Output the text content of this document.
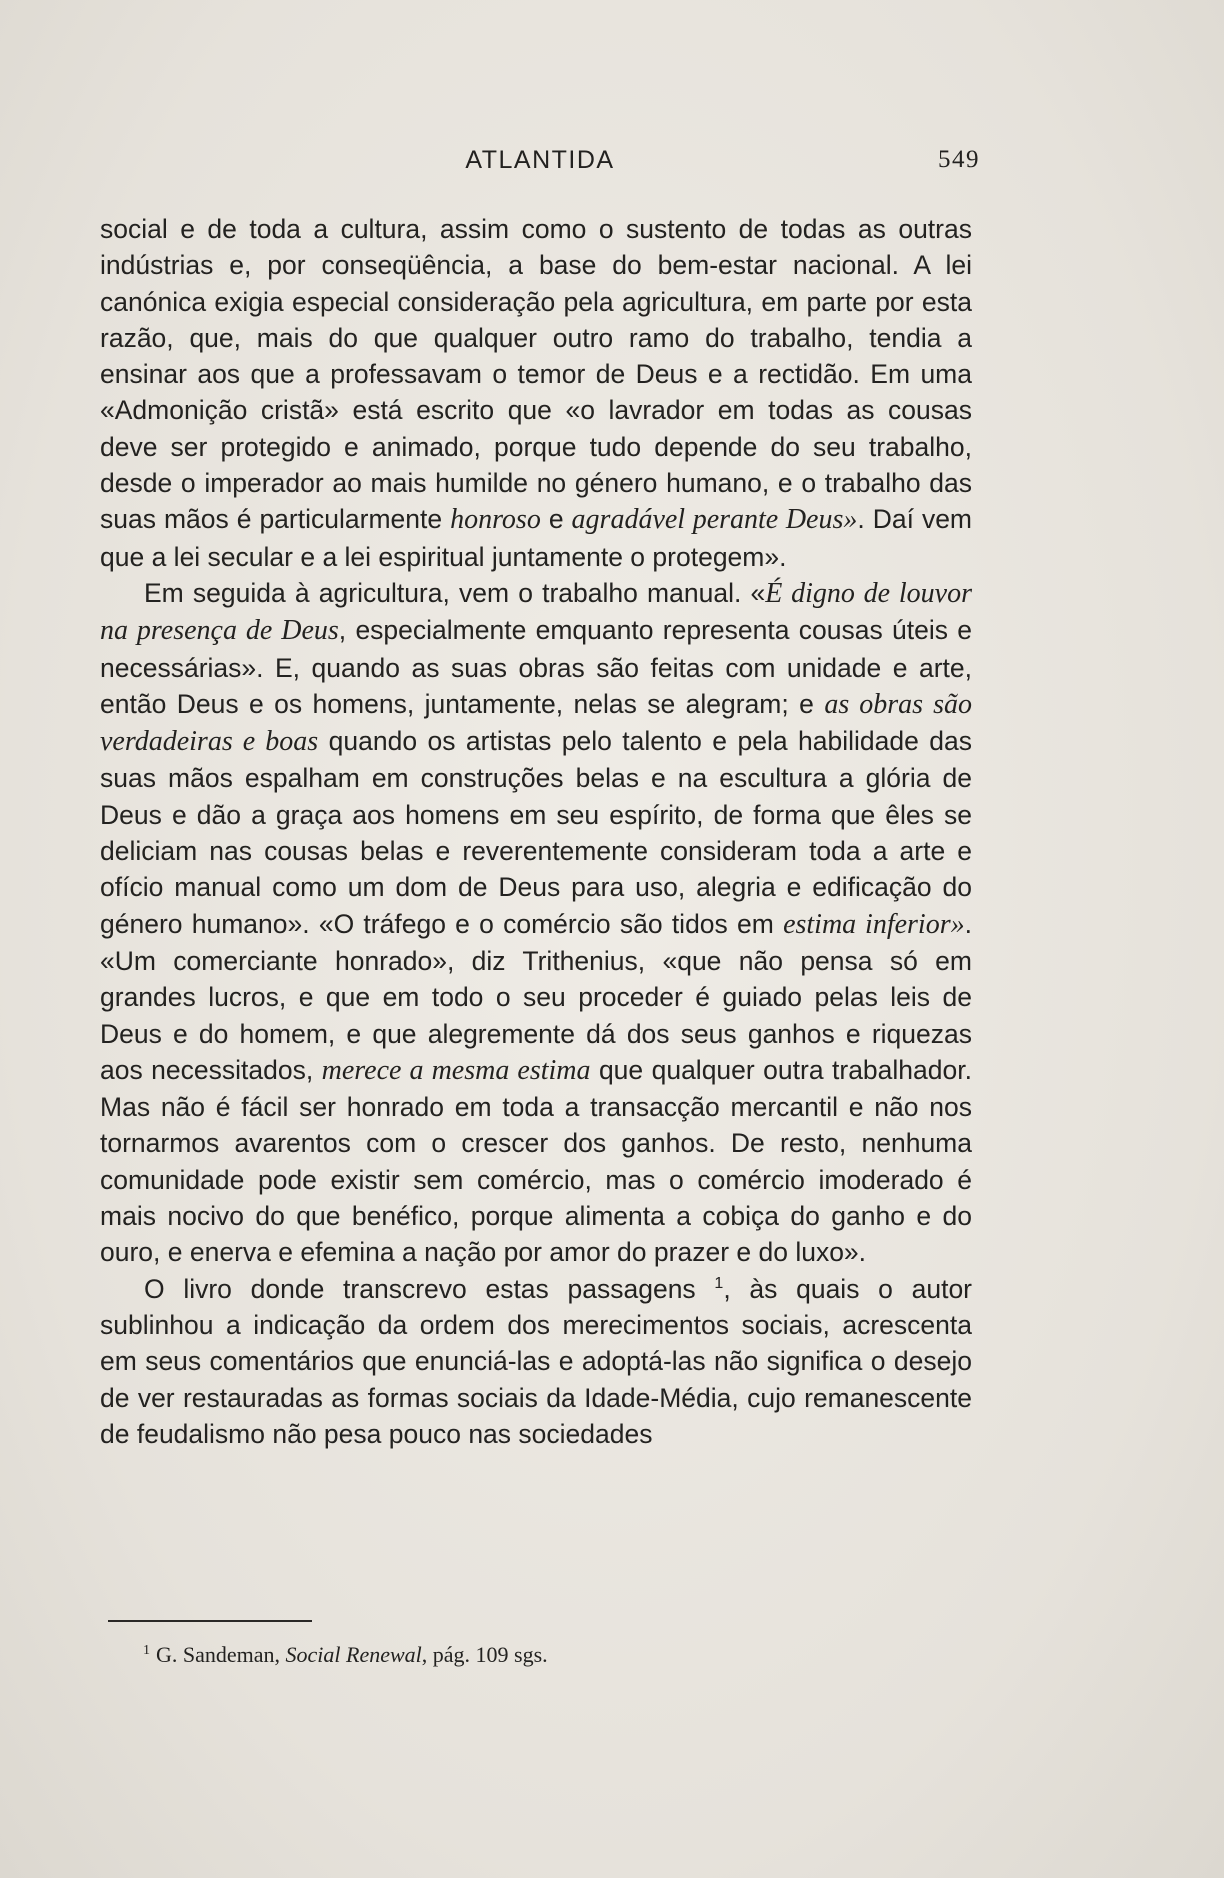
ATLANTIDA	549

social e de toda a cultura, assim como o sustento de todas as outras indústrias e, por conseqüência, a base do bem-estar nacional. A lei canónica exigia especial consideração pela agricultura, em parte por esta razão, que, mais do que qualquer outro ramo do trabalho, tendia a ensinar aos que a professavam o temor de Deus e a rectidão. Em uma «Admonição cristã» está escrito que «o lavrador em todas as cousas deve ser protegido e animado, porque tudo depende do seu trabalho, desde o imperador ao mais humilde no género humano, e o trabalho das suas mãos é particularmente honroso e agradável perante Deus». Daí vem que a lei secular e a lei espiritual juntamente o protegem».

Em seguida à agricultura, vem o trabalho manual. «É digno de louvor na presença de Deus, especialmente emquanto representa cousas úteis e necessárias». E, quando as suas obras são feitas com unidade e arte, então Deus e os homens, juntamente, nelas se alegram; e as obras são verdadeiras e boas quando os artistas pelo talento e pela habilidade das suas mãos espalham em construções belas e na escultura a glória de Deus e dão a graça aos homens em seu espírito, de forma que êles se deliciam nas cousas belas e reverentemente consideram toda a arte e ofício manual como um dom de Deus para uso, alegria e edificação do género humano». «O tráfego e o comércio são tidos em estima inferior». «Um comerciante honrado», diz Trithenius, «que não pensa só em grandes lucros, e que em todo o seu proceder é guiado pelas leis de Deus e do homem, e que alegremente dá dos seus ganhos e riquezas aos necessitados, merece a mesma estima que qualquer outra trabalhador. Mas não é fácil ser honrado em toda a transacção mercantil e não nos tornarmos avarentos com o crescer dos ganhos. De resto, nenhuma comunidade pode existir sem comércio, mas o comércio imoderado é mais nocivo do que benéfico, porque alimenta a cobiça do ganho e do ouro, e enerva e efemina a nação por amor do prazer e do luxo».

O livro donde transcrevo estas passagens $^1$, às quais o autor sublinhou a indicação da ordem dos merecimentos sociais, acrescenta em seus comentários que enunciá-las e adoptá-las não significa o desejo de ver restauradas as formas sociais da Idade-Média, cujo remanescente de feudalismo não pesa pouco nas sociedades

$^1$ G. Sandeman, Social Renewal, pág. 109 sgs.
